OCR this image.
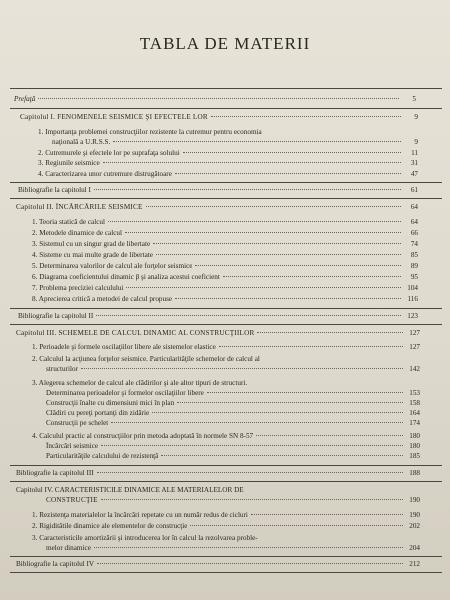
TABLA DE MATERII
Prefaţă	5
Capitolul I. FENOMENELE SEISMICE ŞI EFECTELE LOR	9
1. Importanţa problemei construcţiilor rezistente la cutremur pentru economia
naţională a U.R.S.S.	9
2. Cutremurele şi efectele lor pe suprafaţa solului	11
3. Regiunile seismice	31
4. Caracterizarea unor cutremure distrugătoare	47
Bibliografie la capitolul I	61
Capitolul II. ÎNCĂRCĂRILE SEISMICE	64
1. Teoria statică de calcul	64
2. Metodele dinamice de calcul	66
3. Sistemul cu un singur grad de libertate	74
4. Sisteme cu mai multe grade de libertate	85
5. Determinarea valorilor de calcul ale forţelor seismice	89
6. Diagrama coeficientului dinamic β şi analiza acestui coeficient	95
7. Problema preciziei calculului	104
8. Aprecierea critică a metodei de calcul propuse	116
Bibliografie la capitolul II	123
Capitolul III. SCHEMELE DE CALCUL DINAMIC AL CONSTRUCŢIILOR	127
1. Perioadele şi formele oscilaţiilor libere ale sistemelor elastice	127
2. Calculul la acţiunea forţelor seismice. Particularităţile schemelor de calcul al
structurilor	142
3. Alegerea schemelor de calcul ale clădirilor şi ale altor tipuri de structuri.
Determinarea perioadelor şi formelor oscilaţiilor libere	153
Construcţii înalte cu dimensiuni mici în plan	158
Clădiri cu pereţi portanţi din zidărie	164
Construcţii pe schelet	174
4. Calculul practic al construcţiilor prin metoda adoptată în normele SN 8-57	180
Încărcări seismice	180
Particularităţile calculului de rezistenţă	185
Bibliografie la capitolul III	188
Capitolul IV. CARACTERISTICILE DINAMICE ALE MATERIALELOR DE
CONSTRUCŢIE	190
1. Rezistenţa materialelor la încărcări repetate cu un număr redus de cicluri	190
2. Rigiditătile dinamice ale elementelor de construcţie	202
3. Caracteristicile amortizării şi introducerea lor în calcul la rezolvarea proble-
melor dinamice	204
Bibliografie la capitolul IV	212
